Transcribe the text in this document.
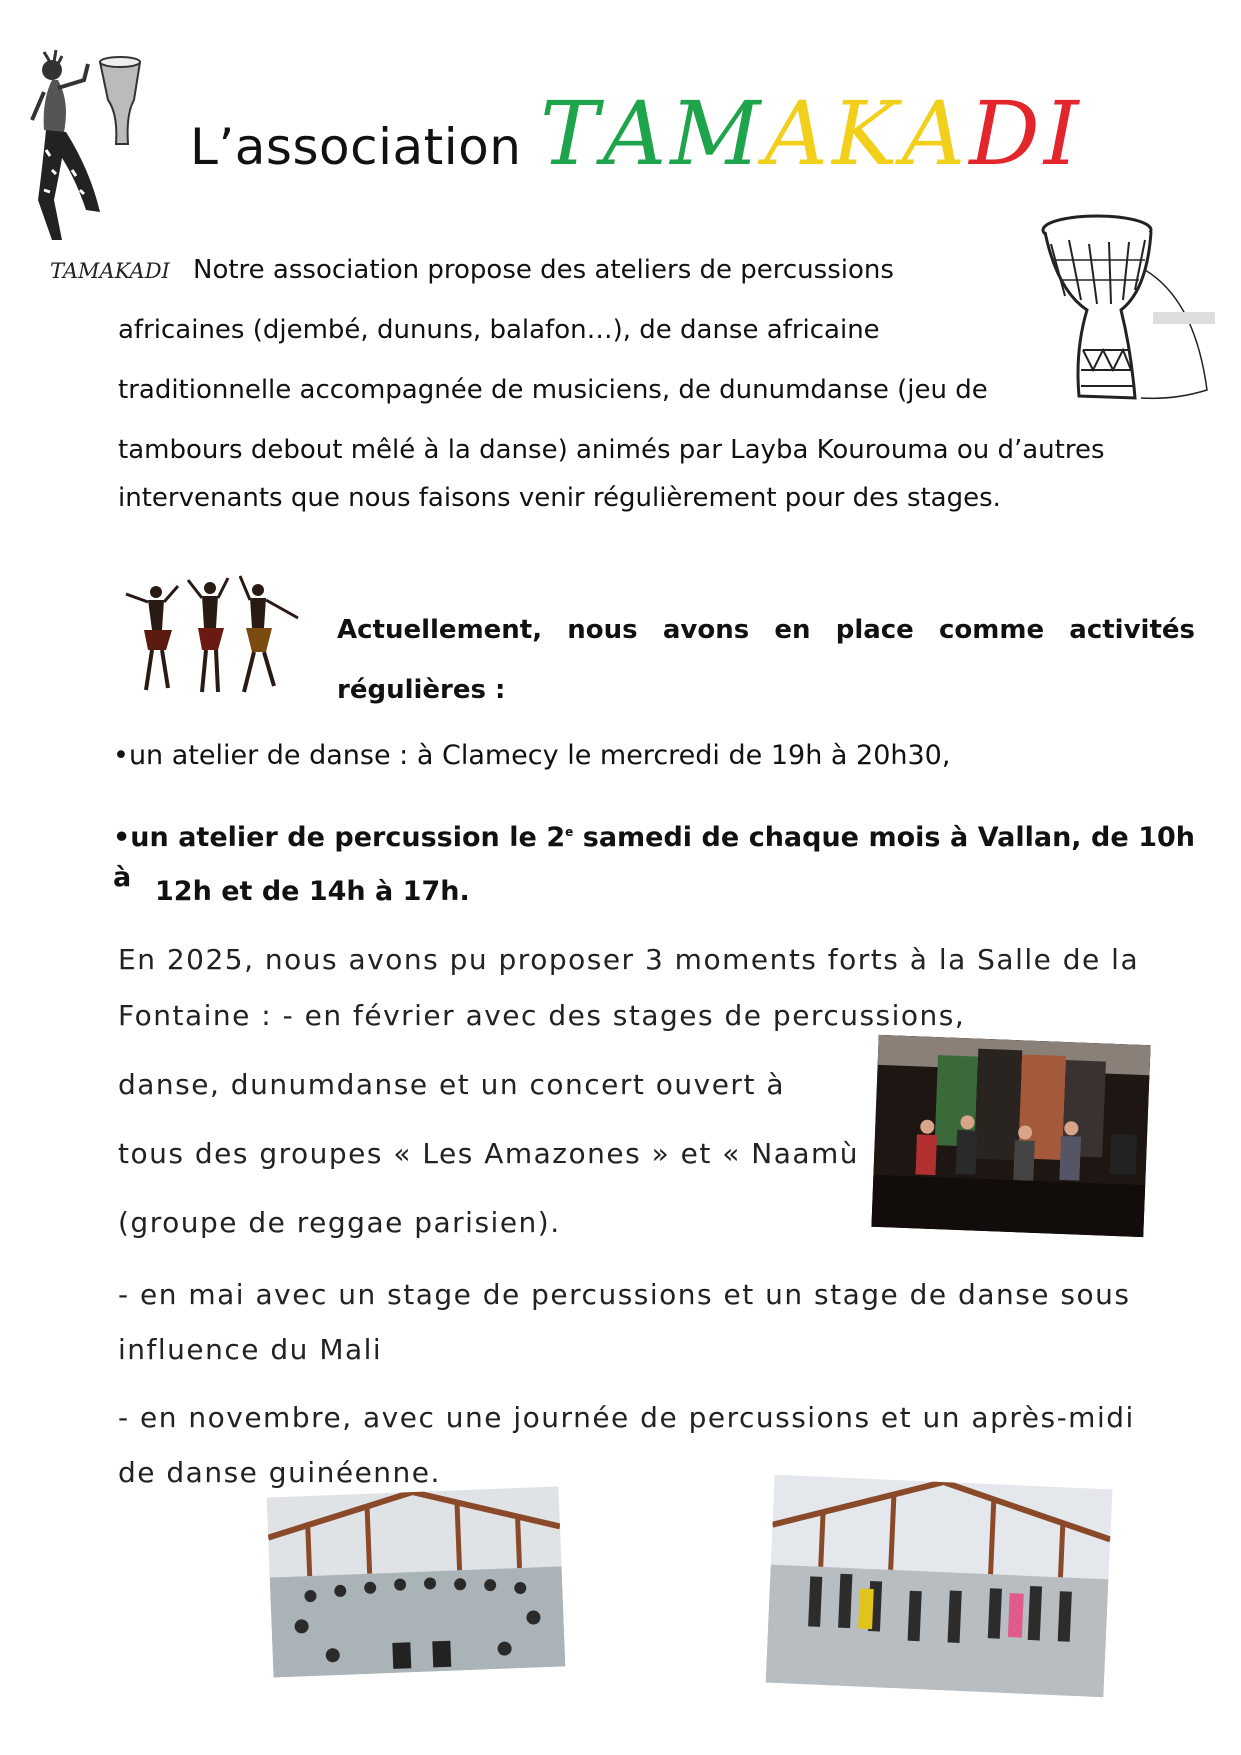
TAMAKADI
L’association TAMAKADI
Notre association propose des ateliers de percussions
africaines (djembé, dununs, balafon…), de danse africaine
traditionnelle accompagnée de musiciens, de dunumdanse (jeu de
tambours debout mêlé à la danse) animés par Layba Kourouma ou d’autres
intervenants que nous faisons venir régulièrement pour des stages.
Actuellement, nous avons en place comme activités
régulières :
•un atelier de danse : à Clamecy le mercredi de 19h à 20h30,
•un atelier de percussion le 2e samedi de chaque mois à Vallan, de 10h à 12h et de 14h à 17h.
En 2025, nous avons pu proposer 3 moments forts à la Salle de la
Fontaine : - en février avec des stages de percussions,
danse, dunumdanse et un concert ouvert à
tous des groupes « Les Amazones » et « Naamù
(groupe de reggae parisien).
- en mai avec un stage de percussions et un stage de danse sous
influence du Mali
- en novembre, avec une journée de percussions et un après-midi
de danse guinéenne.
